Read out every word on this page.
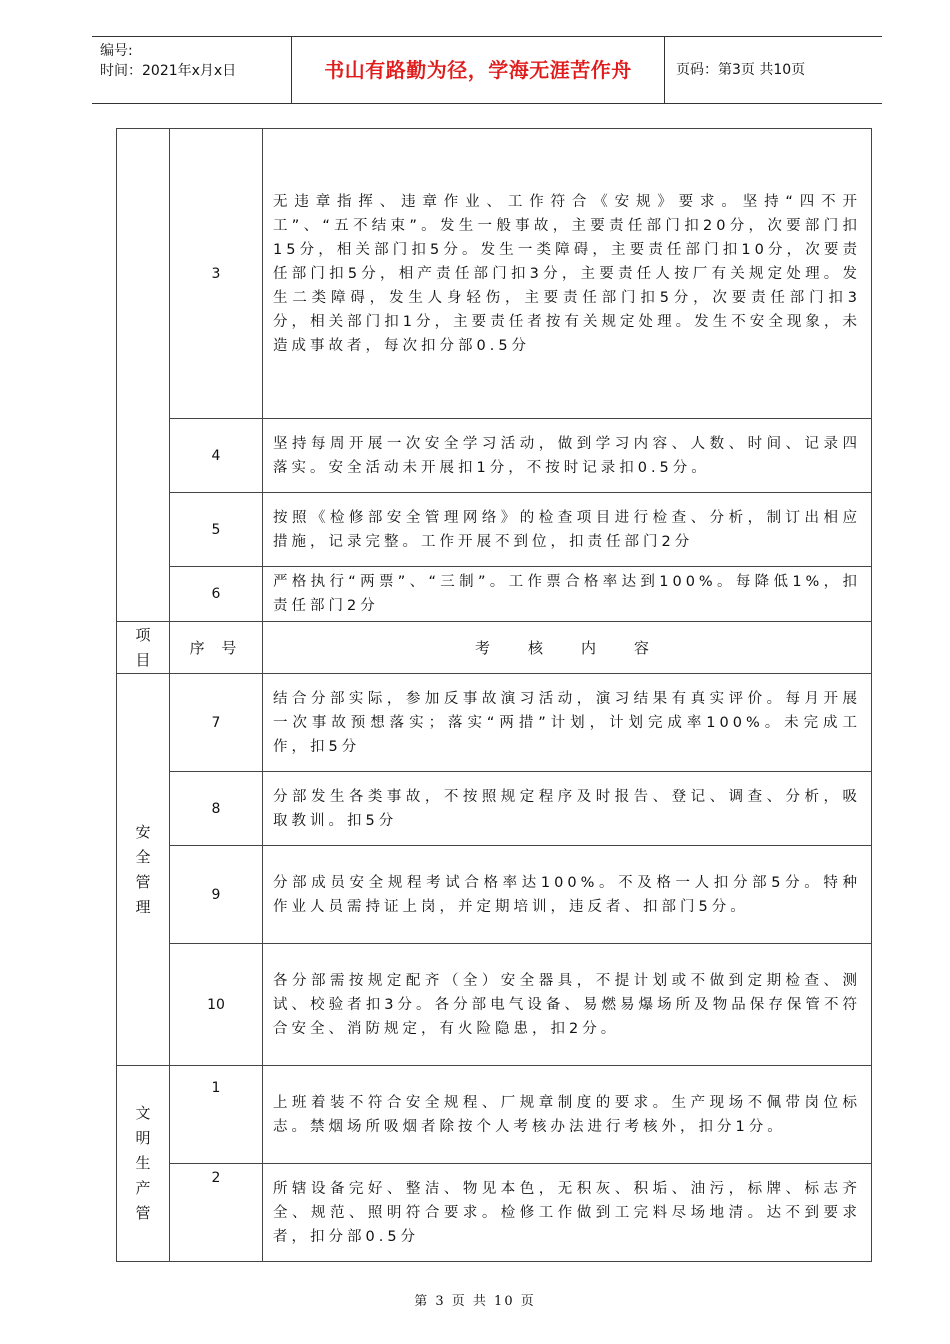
编号:
时间：2021年x月x日	书山有路勤为径，学海无涯苦作舟	页码：第3页 共10页
	3	无违章指挥、违章作业、工作符合《安规》要求。坚持“四不开工”、“五不结束”。发生一般事故，主要责任部门扣20分，次要部门扣15分，相关部门扣5分。发生一类障碍，主要责任部门扣10分，次要责任部门扣5分，相产责任部门扣3分，主要责任人按厂有关规定处理。发生二类障碍，发生人身轻伤，主要责任部门扣5分，次要责任部门扣3分，相关部门扣1分，主要责任者按有关规定处理。发生不安全现象，未造成事故者，每次扣分部0.5分
	4	坚持每周开展一次安全学习活动，做到学习内容、人数、时间、记录四落实。安全活动未开展扣1分，不按时记录扣0.5分。
	5	按照《检修部安全管理网络》的检查项目进行检查、分析，制订出相应措施，记录完整。工作开展不到位，扣责任部门2分
	6	严格执行“两票”、“三制”。工作票合格率达到100%。每降低1%，扣责任部门2分
项目	序 号	考核内容
安全管理	7	结合分部实际，参加反事故演习活动，演习结果有真实评价。每月开展一次事故预想落实；落实“两措”计划，计划完成率100%。未完成工作，扣5分
	8	分部发生各类事故，不按照规定程序及时报告、登记、调查、分析，吸取教训。扣5分
	9	分部成员安全规程考试合格率达100%。不及格一人扣分部5分。特种作业人员需持证上岗，并定期培训，违反者、扣部门5分。
	10	各分部需按规定配齐（全）安全器具，不提计划或不做到定期检查、测试、校验者扣3分。各分部电气设备、易燃易爆场所及物品保存保管不符合安全、消防规定，有火险隐患，扣2分。
文明生产管	1	上班着装不符合安全规程、厂规章制度的要求。生产现场不佩带岗位标志。禁烟场所吸烟者除按个人考核办法进行考核外，扣分1分。
	2	所辖设备完好、整洁、物见本色，无积灰、积垢、油污，标牌、标志齐全、规范、照明符合要求。检修工作做到工完料尽场地清。达不到要求者，扣分部0.5分
第 3 页 共 10 页
